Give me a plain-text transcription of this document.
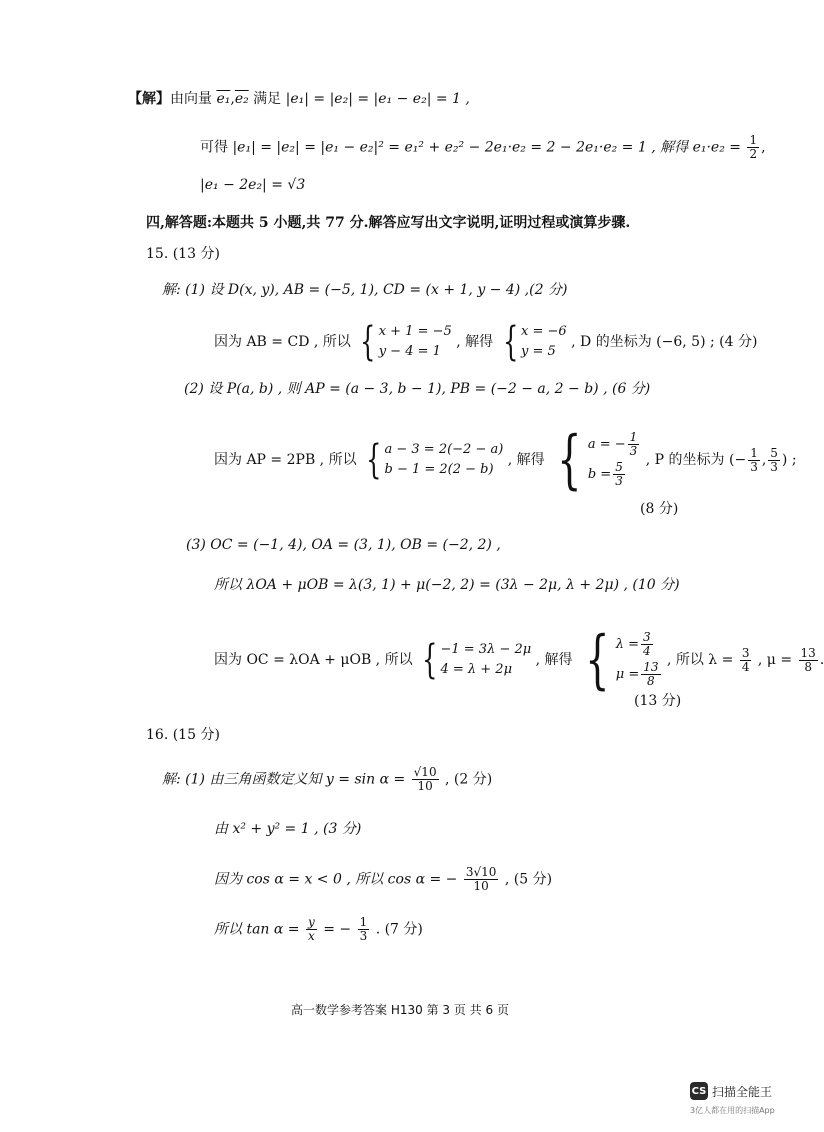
【解】由向量 e₁,e₂ 满足 |e₁| = |e₂| = |e₁ − e₂| = 1 ,
可得 |e₁| = |e₂| = |e₁ − e₂|² = e₁² + e₂² − 2e₁·e₂ = 2 − 2e₁·e₂ = 1 , 解得 $e_1\cdot e_2 = \frac{1}{2}$ ,
|e₁ − 2e₂| = √3
四,解答题:本题共 5 小题,共 77 分.解答应写出文字说明,证明过程或演算步骤.
15. (13 分)
解: (1) 设 D(x, y), AB = (−5, 1), CD = (x + 1, y − 4) ,(2 分)
因为 AB = CD , 所以 { x + 1 = −5
y − 4 = 1
, 解得 { x = −6
y = 5
, D 的坐标为 (−6, 5) ; (4 分)
(2) 设 P(a, b) , 则 AP = (a − 3, b − 1), PB = (−2 − a, 2 − b) , (6 分)
因为 AP = 2PB , 所以 { a − 3 = 2(−2 − a)
b − 1 = 2(2 − b)
, 解得 { a = − $\frac{1}{3}$
$b = \frac{5}{3}$
, P 的坐标为 (− $\frac{1}{3}$ , $\frac{5}{3}$ ) ;
(8 分)
(3) OC = (−1, 4), OA = (3, 1), OB = (−2, 2) ,
所以 λOA + μOB = λ(3, 1) + μ(−2, 2) = (3λ − 2μ, λ + 2μ) , (10 分)
因为 OC = λOA + μOB , 所以 { −1 = 3λ − 2μ
4 = λ + 2μ
, 解得 { $\lambda = \frac{3}{4}$
$\mu = \frac{13}{8}$
, 所以 $\lambda = \frac{3}{4}$ , $\mu = \frac{13}{8}$ .
(13 分)
16. (15 分)
解: (1) 由三角函数定义知 $y = \sin \alpha = \frac{√10}{10}$ , (2 分)
由 x² + y² = 1 , (3 分)
因为 cos α = x < 0 , 所以 cos α = − $\frac{3√10}{10}$ , (5 分)
所以 $\tan \alpha = \frac{y}{x}$ = − $\frac{1}{3}$ . (7 分)
高一数学参考答案 H130 第 3 页 共 6 页
CS 扫描全能王
3亿人都在用的扫描App
